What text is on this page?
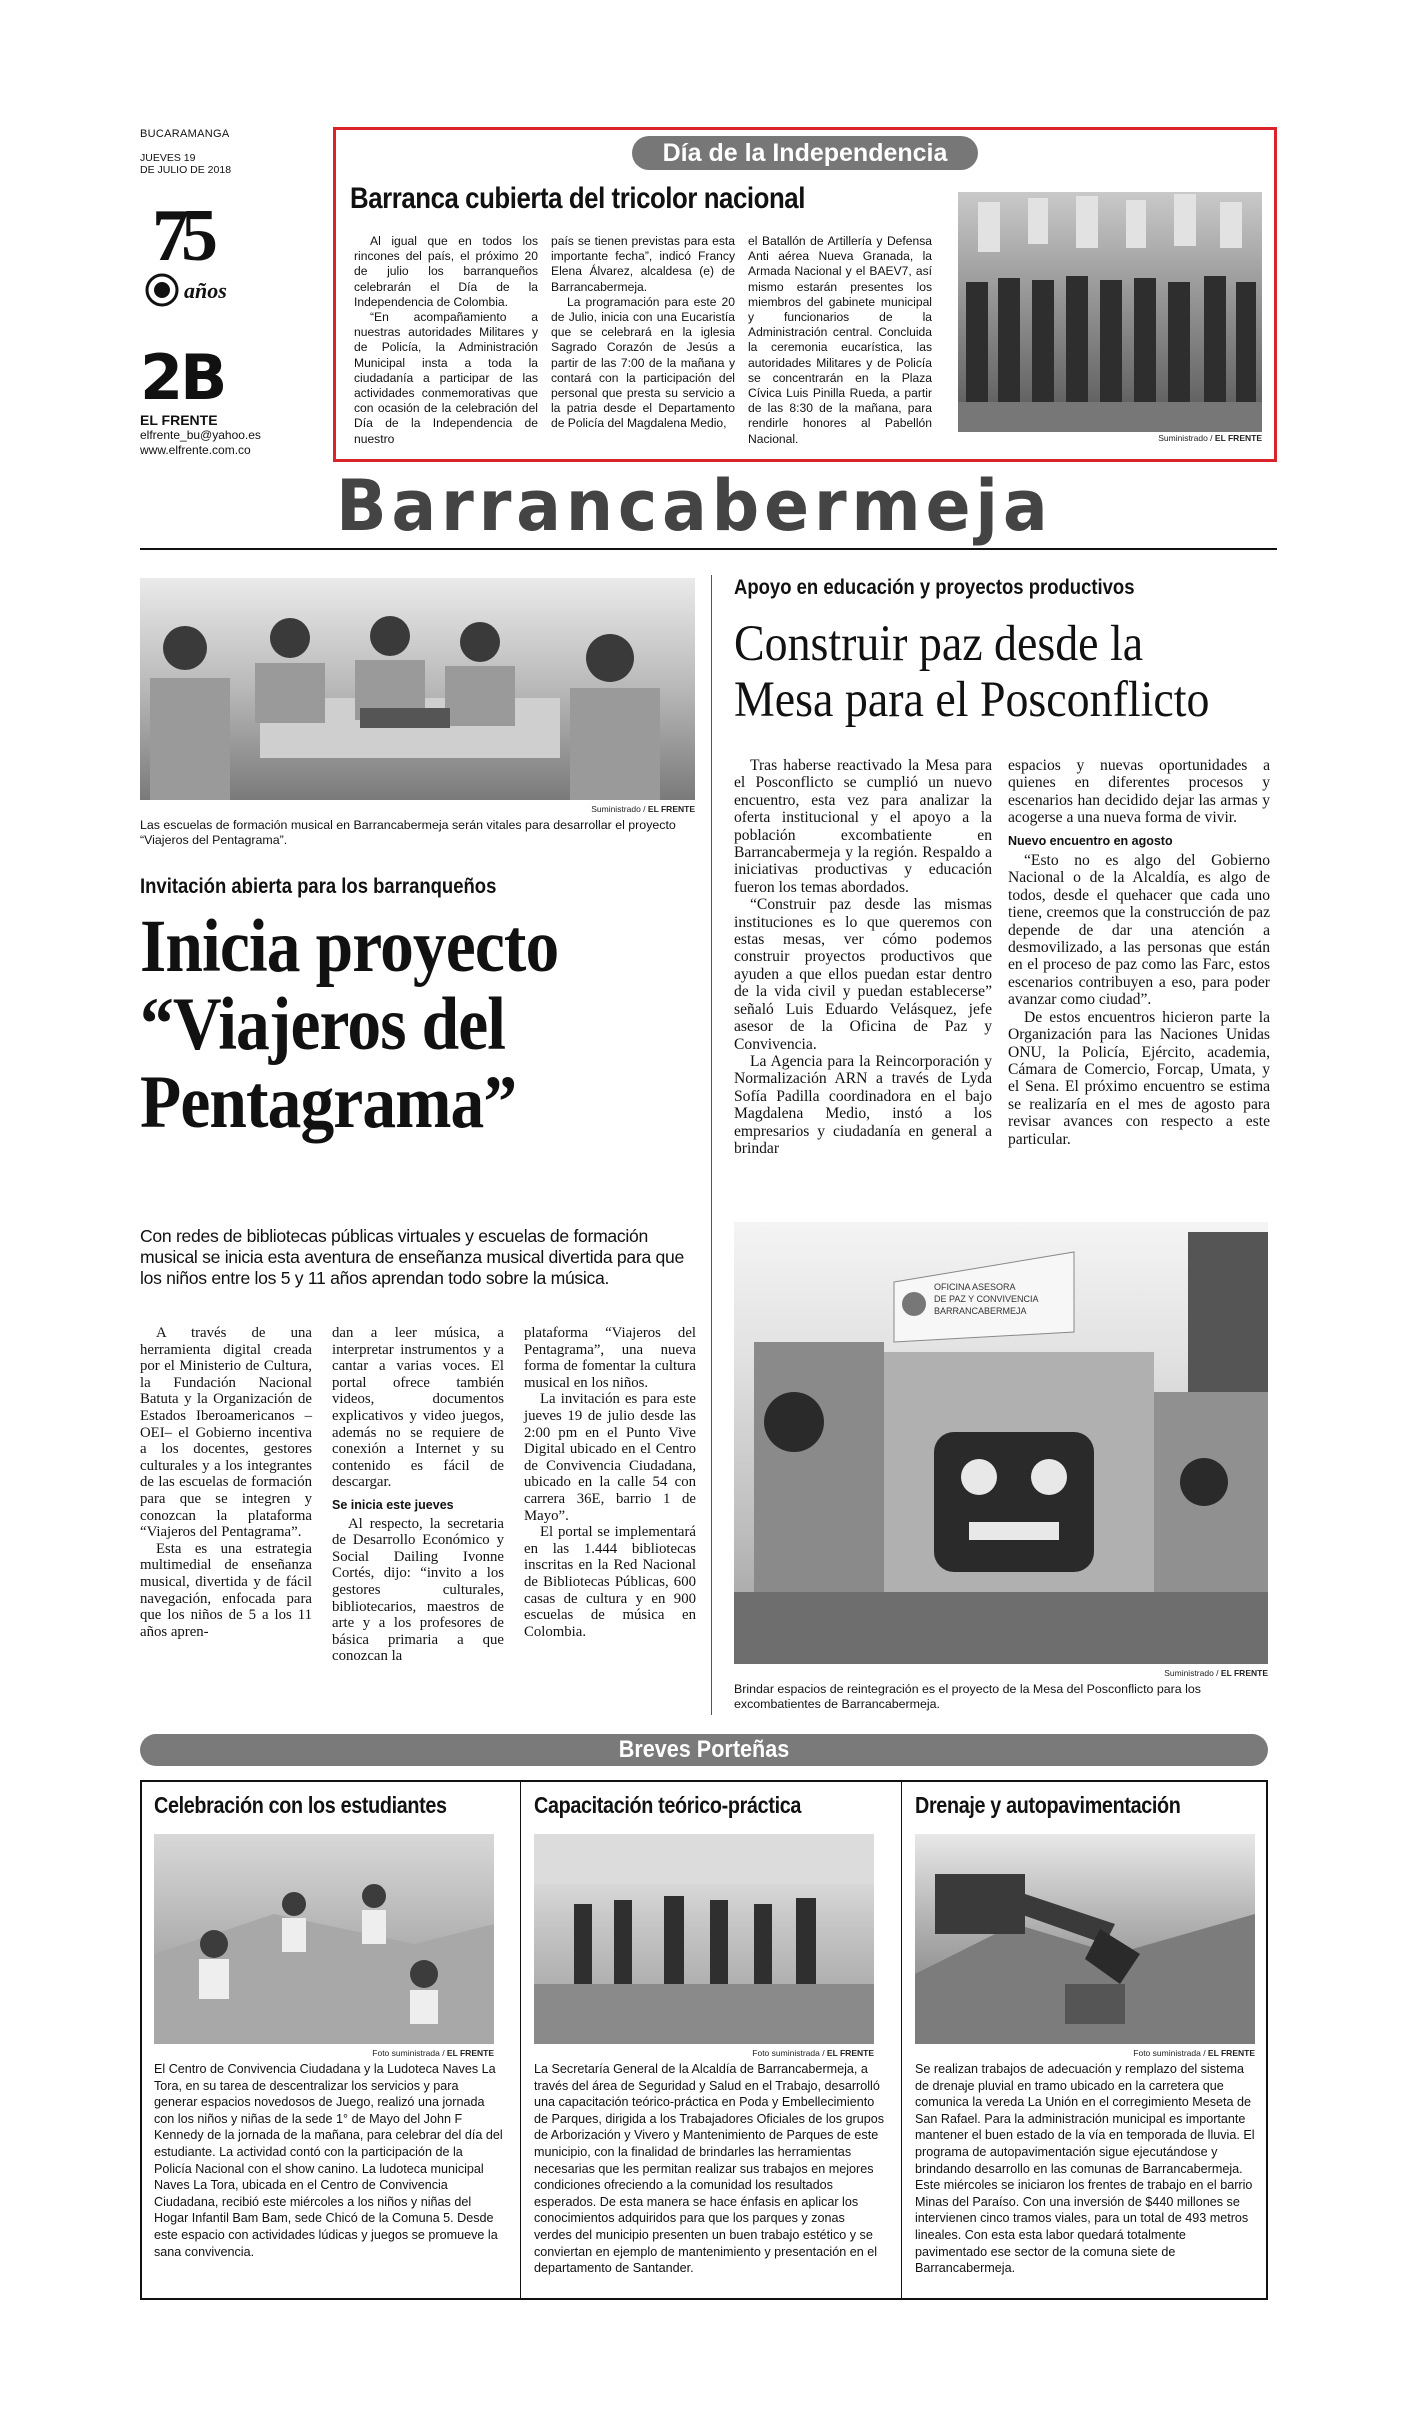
BUCARAMANGA
JUEVES 19
DE JULIO DE 2018
75
años
2B
EL FRENTE
elfrente_bu@yahoo.es
www.elfrente.com.co
Día de la Independencia
Barranca cubierta del tricolor nacional

Al igual que en todos los rincones del país, el próximo 20 de julio los barranqueños celebrarán el Día de la Independencia de Colombia.

“En acompañamiento a nuestras autoridades Militares y de Policía, la Administración Municipal insta a toda la ciudadanía a participar de las actividades conmemorativas que con ocasión de la celebración del Día de la Independencia de nuestro

país se tienen previstas para esta importante fecha”, indicó Francy Elena Álvarez, alcaldesa (e) de Barrancabermeja.

La programación para este 20 de Julio, inicia con una Eucaristía que se celebrará en la iglesia Sagrado Corazón de Jesús a partir de las 7:00 de la mañana y contará con la participación del personal que presta su servicio a la patria desde el Departamento de Policía del Magdalena Medio,

el Batallón de Artillería y Defensa Anti aérea Nueva Granada, la Armada Nacional y el BAEV7, así mismo estarán presentes los miembros del gabinete municipal y funcionarios de la Administración central. Concluida la ceremonia eucarística, las autoridades Militares y de Policía se concentrarán en la Plaza Cívica Luis Pinilla Rueda, a partir de las 8:30 de la mañana, para rendirle honores al Pabellón Nacional.	Suministrado / EL FRENTE
Barrancabermeja
Suministrado / EL FRENTE
Las escuelas de formación musical en Barrancabermeja serán vitales para desarrollar el proyecto “Viajeros del Pentagrama”.
Invitación abierta para los barranqueños
Inicia proyecto
“Viajeros del
Pentagrama”
Con redes de bibliotecas públicas virtuales y escuelas de formación musical se inicia esta aventura de enseñanza musical divertida para que los niños entre los 5 y 11 años aprendan todo sobre la música.

A través de una herramienta digital creada por el Ministerio de Cultura, la Fundación Nacional Batuta y la Organización de Estados Iberoamericanos –OEI– el Gobierno incentiva a los docentes, gestores culturales y a los integrantes de las escuelas de formación para que se integren y conozcan la plataforma “Viajeros del Pentagrama”.

Esta es una estrategia multimedial de enseñanza musical, divertida y de fácil navegación, enfocada para que los niños de 5 a los 11 años apren-

dan a leer música, a interpretar instrumentos y a cantar a varias voces. El portal ofrece también videos, documentos explicativos y video juegos, además no se requiere de conexión a Internet y su contenido es fácil de descargar.

Se inicia este jueves

Al respecto, la secretaria de Desarrollo Económico y Social Dailing Ivonne Cortés, dijo: “invito a los gestores culturales, bibliotecarios, maestros de arte y a los profesores de básica primaria a que conozcan la

plataforma “Viajeros del Pentagrama”, una nueva forma de fomentar la cultura musical en los niños.

La invitación es para este jueves 19 de julio desde las 2:00 pm en el Punto Vive Digital ubicado en el Centro de Convivencia Ciudadana, ubicado en la calle 54 con carrera 36E, barrio 1 de Mayo”.

El portal se implementará en las 1.444 bibliotecas inscritas en la Red Nacional de Bibliotecas Públicas, 600 casas de cultura y en 900 escuelas de música en Colombia.

Apoyo en educación y proyectos productivos
Construir paz desde la
Mesa para el Posconflicto

Tras haberse reactivado la Mesa para el Posconflicto se cumplió un nuevo encuentro, esta vez para analizar la oferta institucional y el apoyo a la población excombatiente en Barrancabermeja y la región. Respaldo a iniciativas productivas y educación fueron los temas abordados.

“Construir paz desde las mismas instituciones es lo que queremos con estas mesas, ver cómo podemos construir proyectos productivos que ayuden a que ellos puedan estar dentro de la vida civil y puedan establecerse” señaló Luis Eduardo Velásquez, jefe asesor de la Oficina de Paz y Convivencia.

La Agencia para la Reincorporación y Normalización ARN a través de Lyda Sofía Padilla coordinadora en el bajo Magdalena Medio, instó a los empresarios y ciudadanía en general a brindar

espacios y nuevas oportunidades a quienes en diferentes procesos y escenarios han decidido dejar las armas y acogerse a una nueva forma de vivir.

Nuevo encuentro en agosto

“Esto no es algo del Gobierno Nacional o de la Alcaldía, es algo de todos, desde el quehacer que cada uno tiene, creemos que la construcción de paz depende de dar una atención a desmovilizado, a las personas que están en el proceso de paz como las Farc, estos escenarios contribuyen a eso, para poder avanzar como ciudad”.

De estos encuentros hicieron parte la Organización para las Naciones Unidas ONU, la Policía, Ejército, academia, Cámara de Comercio, Forcap, Umata, y el Sena. El próximo encuentro se estima se realizaría en el mes de agosto para revisar avances con respecto a este particular.

OFICINA ASESORA
DE PAZ Y CONVIVENCIA
BARRANCABERMEJA
Suministrado / EL FRENTE
Brindar espacios de reintegración es el proyecto de la Mesa del Posconflicto para los excombatientes de Barrancabermeja.
Breves Porteñas
Celebración con los estudiantes
Foto suministrada / EL FRENTE
El Centro de Convivencia Ciudadana y la Ludoteca Naves La Tora, en su tarea de descentralizar los servicios y para generar espacios novedosos de Juego, realizó una jornada con los niños y niñas de la sede 1° de Mayo del John F Kennedy de la jornada de la mañana, para celebrar del día del estudiante. La actividad contó con la participación de la Policía Nacional con el show canino. La ludoteca municipal Naves La Tora, ubicada en el Centro de Convivencia Ciudadana, recibió este miércoles a los niños y niñas del Hogar Infantil Bam Bam, sede Chicó de la Comuna 5. Desde este espacio con actividades lúdicas y juegos se promueve la sana convivencia.
Capacitación teórico-práctica
Foto suministrada / EL FRENTE
La Secretaría General de la Alcaldía de Barrancabermeja, a través del área de Seguridad y Salud en el Trabajo, desarrolló una capacitación teórico-práctica en Poda y Embellecimiento de Parques, dirigida a los Trabajadores Oficiales de los grupos de Arborización y Vivero y Mantenimiento de Parques de este municipio, con la finalidad de brindarles las herramientas necesarias que les permitan realizar sus trabajos en mejores condiciones ofreciendo a la comunidad los resultados esperados. De esta manera se hace énfasis en aplicar los conocimientos adquiridos para que los parques y zonas verdes del municipio presenten un buen trabajo estético y se conviertan en ejemplo de mantenimiento y presentación en el departamento de Santander.
Drenaje y autopavimentación
Foto suministrada / EL FRENTE
Se realizan trabajos de adecuación y remplazo del sistema de drenaje pluvial en tramo ubicado en la carretera que comunica la vereda La Unión en el corregimiento Meseta de San Rafael. Para la administración municipal es importante mantener el buen estado de la vía en temporada de lluvia. El programa de autopavimentación sigue ejecutándose y brindando desarrollo en las comunas de Barrancabermeja. Este miércoles se iniciaron los frentes de trabajo en el barrio Minas del Paraíso. Con una inversión de $440 millones se intervienen cinco tramos viales, para un total de 493 metros lineales. Con esta esta labor quedará totalmente pavimentado ese sector de la comuna siete de Barrancabermeja.
